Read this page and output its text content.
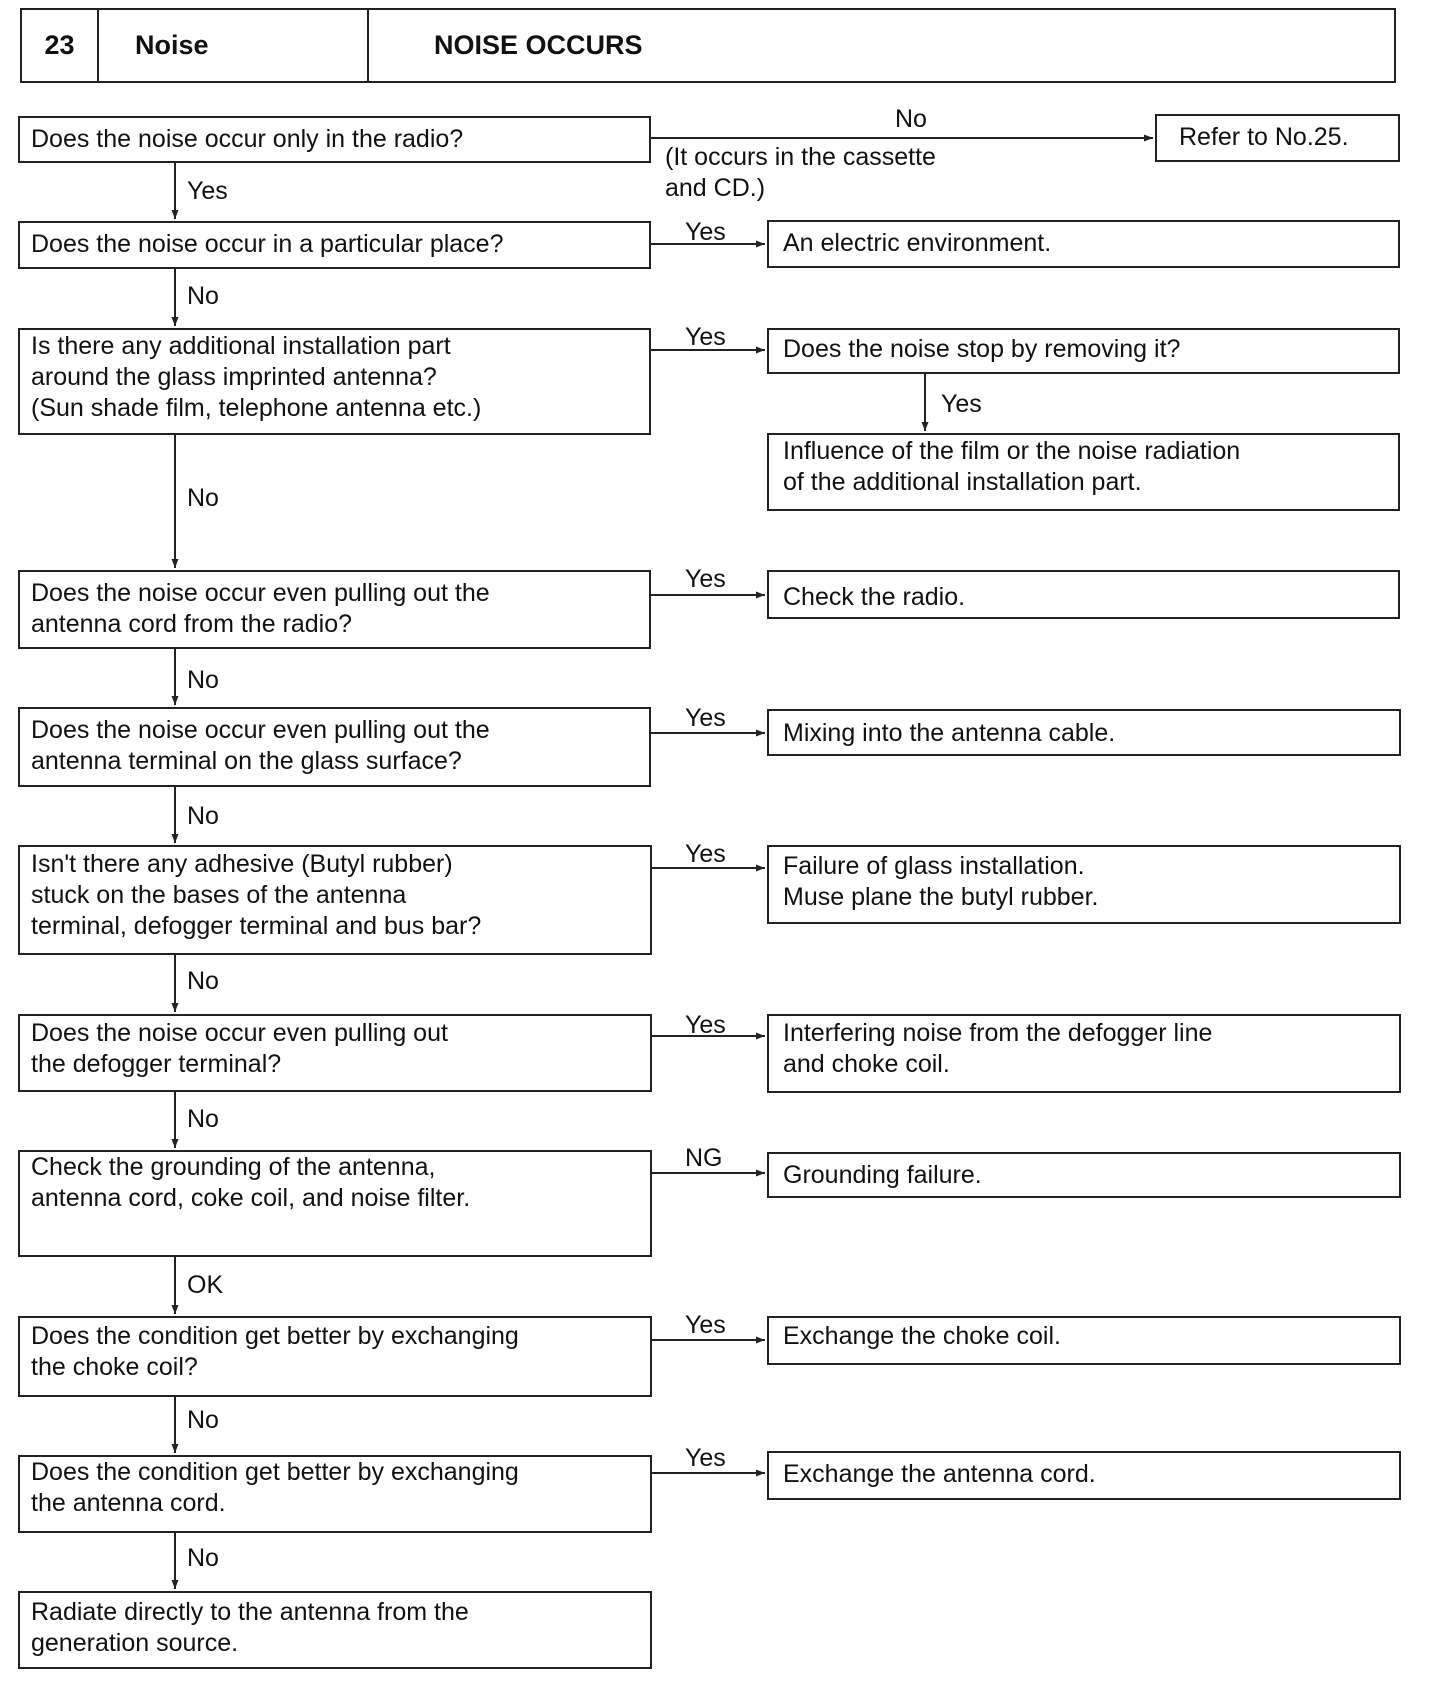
23	Noise	NOISE OCCURS
Does the noise occur only in the radio?	Refer to No.25.
Does the noise occur in a particular place?	An electric environment.
Is there any additional installation part
around the glass imprinted antenna?
(Sun shade film, telephone antenna etc.)
Does the noise stop by removing it?
Influence of the film or the noise radiation
of the additional installation part.
Does the noise occur even pulling out the
antenna cord from the radio?
Check the radio.
Does the noise occur even pulling out the
antenna terminal on the glass surface?
Mixing into the antenna cable.
Isn't there any adhesive (Butyl rubber)
stuck on the bases of the antenna
terminal, defogger terminal and bus bar?
Failure of glass installation.
Muse plane the butyl rubber.
Does the noise occur even pulling out
the defogger terminal?
Interfering noise from the defogger line
and choke coil.
Check the grounding of the antenna,
antenna cord, coke coil, and noise filter.
Grounding failure.
Does the condition get better by exchanging
the choke coil?
Exchange the choke coil.
Does the condition get better by exchanging
the antenna cord.
Exchange the antenna cord.
Radiate directly to the antenna from the
generation source.
No
(It occurs in the cassette
and CD.)
Yes
Yes
No
Yes
Yes
No
Yes
No
Yes
No
Yes
No
Yes
No
NG
OK
Yes
No
Yes
No
